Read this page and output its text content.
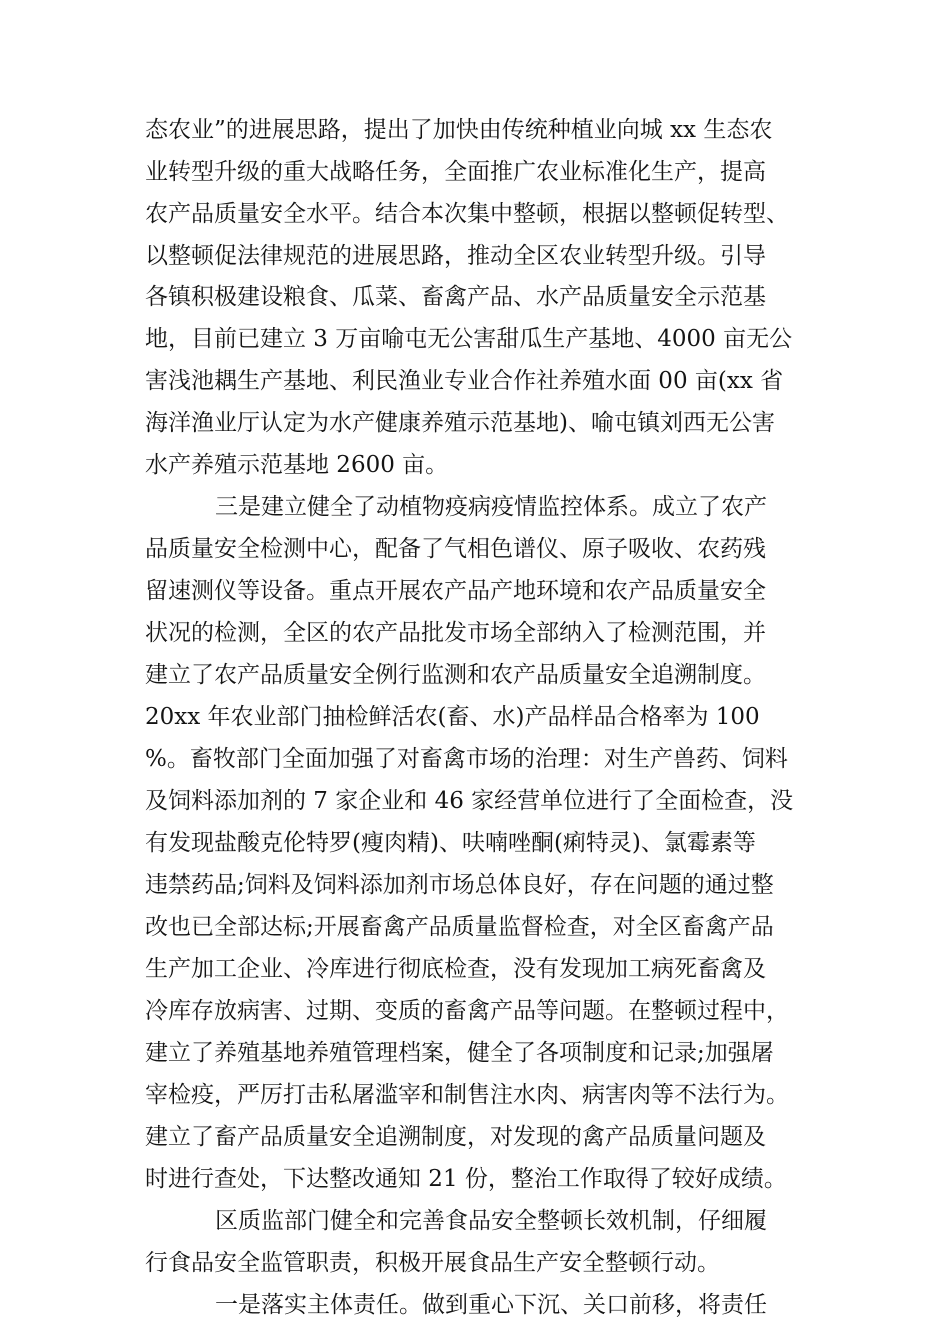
态农业”的进展思路，提出了加快由传统种植业向城 xx 生态农
业转型升级的重大战略任务，全面推广农业标准化生产，提高
农产品质量安全水平。结合本次集中整顿，根据以整顿促转型、
以整顿促法律规范的进展思路，推动全区农业转型升级。引导
各镇积极建设粮食、瓜菜、畜禽产品、水产品质量安全示范基
地，目前已建立 3 万亩喻屯无公害甜瓜生产基地、4000 亩无公
害浅池耦生产基地、利民渔业专业合作社养殖水面 00 亩(xx 省
海洋渔业厅认定为水产健康养殖示范基地)、喻屯镇刘西无公害
水产养殖示范基地 2600 亩。
三是建立健全了动植物疫病疫情监控体系。成立了农产
品质量安全检测中心，配备了气相色谱仪、原子吸收、农药残
留速测仪等设备。重点开展农产品产地环境和农产品质量安全
状况的检测，全区的农产品批发市场全部纳入了检测范围，并
建立了农产品质量安全例行监测和农产品质量安全追溯制度。
20xx 年农业部门抽检鲜活农(畜、水)产品样品合格率为 100
%。畜牧部门全面加强了对畜禽市场的治理：对生产兽药、饲料
及饲料添加剂的 7 家企业和 46 家经营单位进行了全面检查，没
有发现盐酸克伦特罗(瘦肉精)、呋喃唑酮(痢特灵)、氯霉素等
违禁药品;饲料及饲料添加剂市场总体良好，存在问题的通过整
改也已全部达标;开展畜禽产品质量监督检查，对全区畜禽产品
生产加工企业、冷库进行彻底检查，没有发现加工病死畜禽及
冷库存放病害、过期、变质的畜禽产品等问题。在整顿过程中，
建立了养殖基地养殖管理档案，健全了各项制度和记录;加强屠
宰检疫，严厉打击私屠滥宰和制售注水肉、病害肉等不法行为。
建立了畜产品质量安全追溯制度，对发现的禽产品质量问题及
时进行查处，下达整改通知 21 份，整治工作取得了较好成绩。
区质监部门健全和完善食品安全整顿长效机制，仔细履
行食品安全监管职责，积极开展食品生产安全整顿行动。
一是落实主体责任。做到重心下沉、关口前移，将责任
